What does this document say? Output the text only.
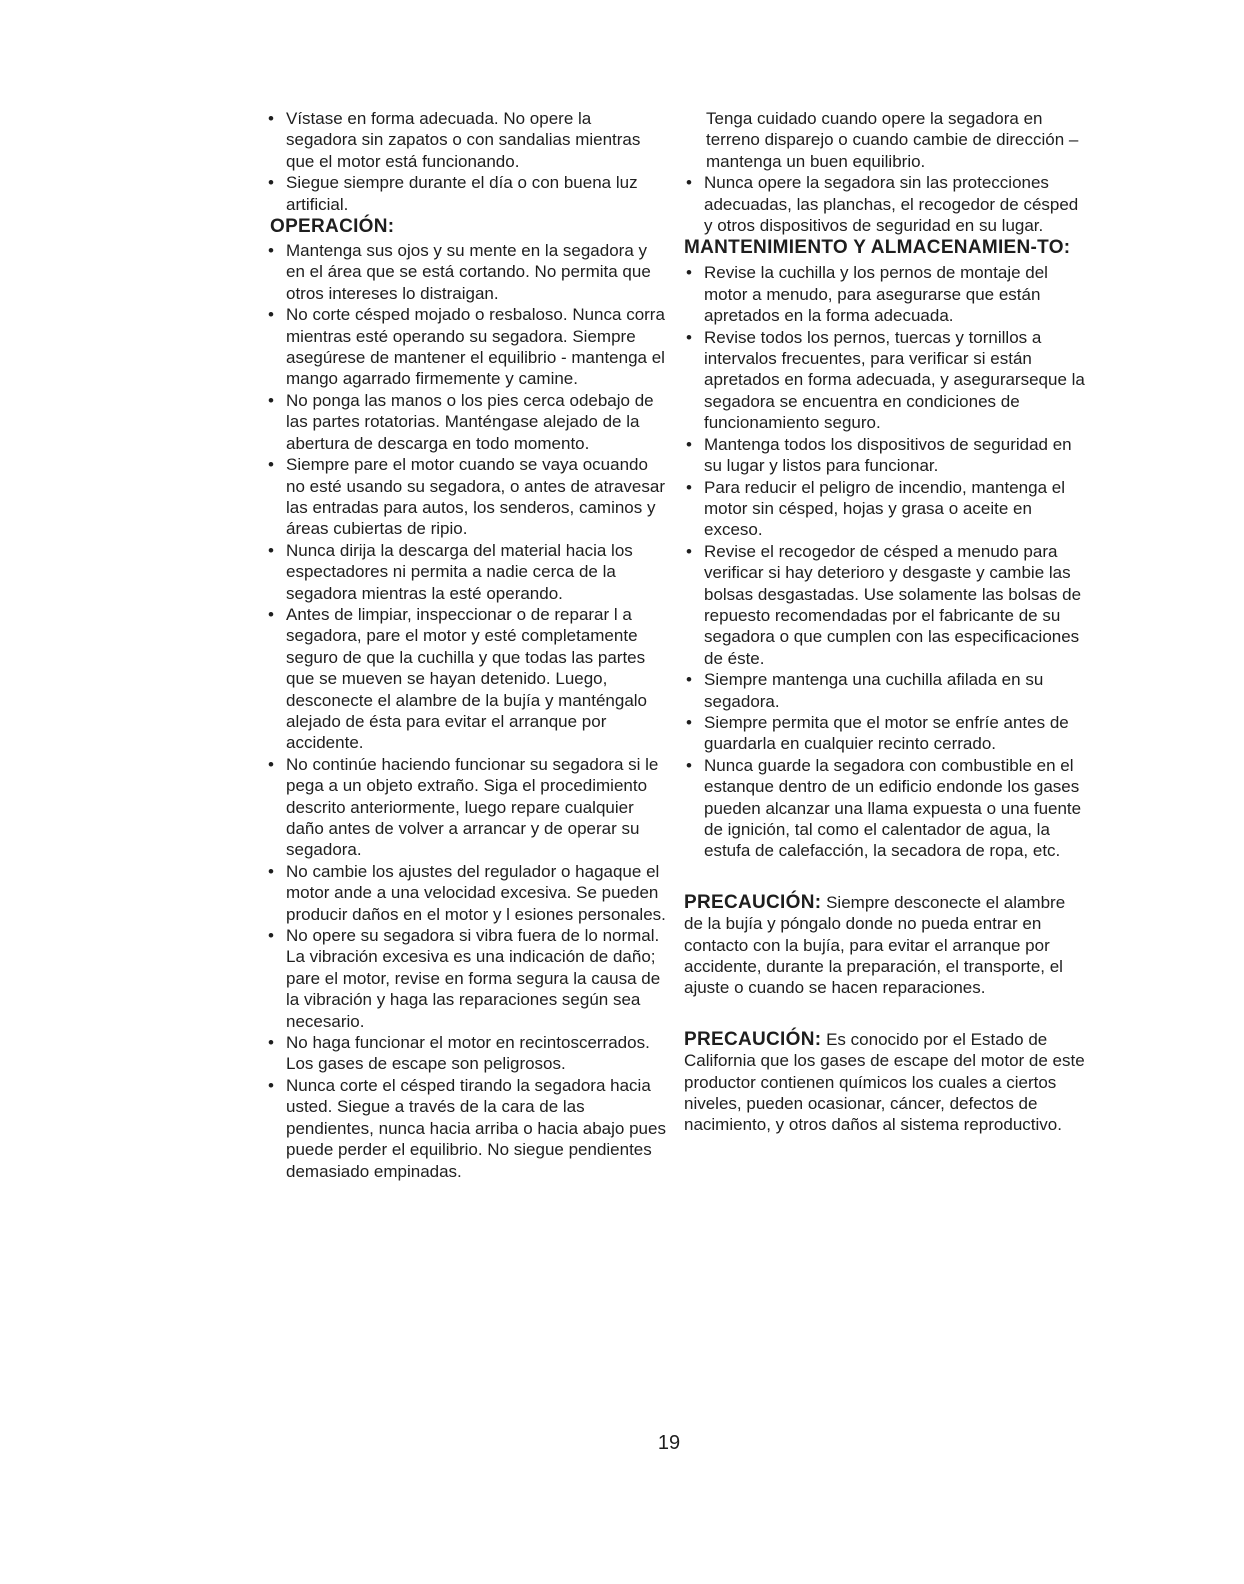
• Vístase en forma adecuada. No opere la segadora sin zapatos o con sandalias mientras que el motor está funcionando.

• Siegue siempre durante el día o con buena luz artificial.

OPERACIÓN:

• Mantenga sus ojos y su mente en la segadora y en el área que se está cortando. No permita que otros intereses lo distraigan.

• No corte césped mojado o resbaloso. Nunca corra mientras esté operando su segadora. Siempre asegúrese de mantener el equilibrio - mantenga el mango agarrado firmemente y camine.

• No ponga las manos o los pies cerca odebajo de las partes rotatorias. Manténgase alejado de la abertura de descarga en todo momento.

• Siempre pare el motor cuando se vaya ocuando no esté usando su segadora, o antes de atravesar las entradas para autos, los senderos, caminos y áreas cubiertas de ripio.

• Nunca dirija la descarga del material hacia los espectadores ni permita a nadie cerca de la segadora mientras la esté operando.

• Antes de limpiar, inspeccionar o de reparar l a segadora, pare el motor y esté completamente seguro de que la cuchilla y que todas las partes que se mueven se hayan detenido. Luego, desconecte el alambre de la bujía y manténgalo alejado de ésta para evitar el arranque por accidente.

• No continúe haciendo funcionar su segadora si le pega a un objeto extraño. Siga el procedimiento descrito anteriormente, luego repare cualquier daño antes de volver a arrancar y de operar su segadora.

• No cambie los ajustes del regulador o hagaque el motor ande a una velocidad excesiva. Se pueden producir daños en el motor y l esiones personales.

• No opere su segadora si vibra fuera de lo normal. La vibración excesiva es una indicación de daño; pare el motor, revise en forma segura la causa de la vibración y haga las reparaciones según sea necesario.

• No haga funcionar el motor en recintoscerrados. Los gases de escape son peligrosos.

• Nunca corte el césped tirando la segadora hacia usted. Siegue a través de la cara de las pendientes, nunca hacia arriba o hacia abajo pues puede perder el equilibrio. No siegue pendientes demasiado empinadas.

Tenga cuidado cuando opere la segadora en terreno disparejo o cuando cambie de dirección – mantenga un buen equilibrio.

• Nunca opere la segadora sin las protecciones adecuadas, las planchas, el recogedor de césped y otros dispositivos de seguridad en su lugar.

MANTENIMIENTO Y ALMACENAMIEN-TO:

• Revise la cuchilla y los pernos de montaje del motor a menudo, para asegurarse que están apretados en la forma adecuada.

• Revise todos los pernos, tuercas y tornillos a intervalos frecuentes, para verificar si están apretados en forma adecuada, y asegurarseque la segadora se encuentra en condiciones de funcionamiento seguro.

• Mantenga todos los dispositivos de seguridad en su lugar y listos para funcionar.

• Para reducir el peligro de incendio, mantenga el motor sin césped, hojas y grasa o aceite en exceso.

• Revise el recogedor de césped a menudo para verificar si hay deterioro y desgaste y cambie las bolsas desgastadas. Use solamente las bolsas de repuesto recomendadas por el fabricante de su segadora o que cumplen con las especificaciones de éste.

• Siempre mantenga una cuchilla afilada en su segadora.

• Siempre permita que el motor se enfríe antes de guardarla en cualquier recinto cerrado.

• Nunca guarde la segadora con combustible en el estanque dentro de un edificio endonde los gases pueden alcanzar una llama expuesta o una fuente de ignición, tal como el calentador de agua, la estufa de calefacción, la secadora de ropa, etc.

PRECAUCIÓN: Siempre desconecte el alambre de la bujía y póngalo donde no pueda entrar en contacto con la bujía, para evitar el arranque por accidente, durante la preparación, el transporte, el ajuste o cuando se hacen reparaciones.

PRECAUCIÓN: Es conocido por el Estado de California que los gases de escape del motor de este productor contienen químicos los cuales a ciertos niveles, pueden ocasionar, cáncer, defectos de nacimiento, y otros daños al sistema reproductivo.

19
